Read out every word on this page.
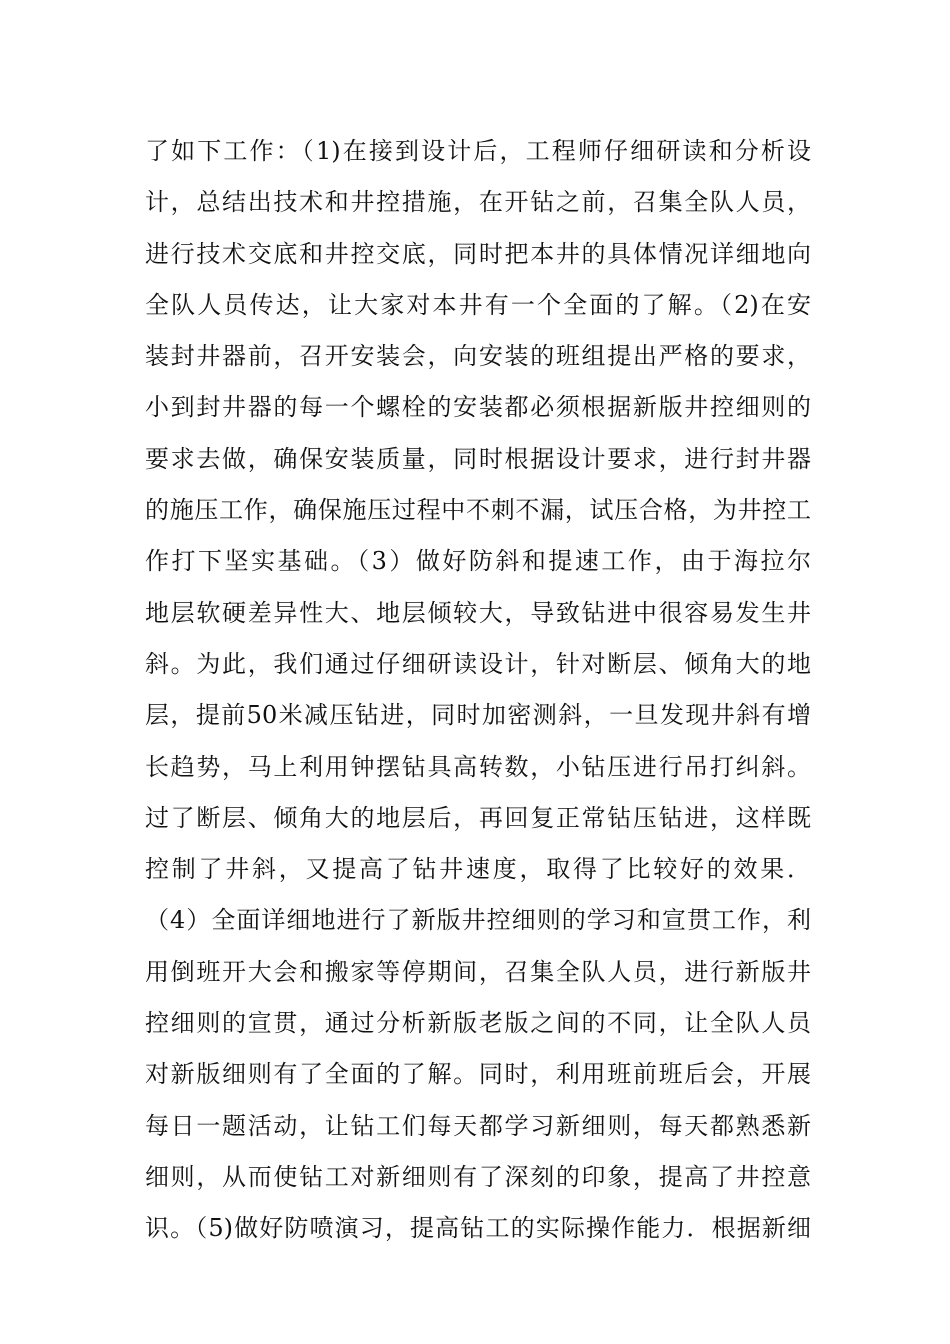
了如下工作：（1)在接到设计后，工程师仔细研读和分析设
计，总结出技术和井控措施，在开钻之前，召集全队人员，
进行技术交底和井控交底，同时把本井的具体情况详细地向
全队人员传达，让大家对本井有一个全面的了解。（2)在安
装封井器前，召开安装会，向安装的班组提出严格的要求，
小到封井器的每一个螺栓的安装都必须根据新版井控细则的
要求去做，确保安装质量，同时根据设计要求，进行封井器
的施压工作，确保施压过程中不刺不漏，试压合格，为井控工
作打下坚实基础。（3）做好防斜和提速工作，由于海拉尔
地层软硬差异性大、地层倾较大，导致钻进中很容易发生井
斜。为此，我们通过仔细研读设计，针对断层、倾角大的地
层，提前50米减压钻进，同时加密测斜，一旦发现井斜有增
长趋势，马上利用钟摆钻具高转数，小钻压进行吊打纠斜。
过了断层、倾角大的地层后，再回复正常钻压钻进，这样既
控制了井斜，又提高了钻井速度，取得了比较好的效果．
（4）全面详细地进行了新版井控细则的学习和宣贯工作，利
用倒班开大会和搬家等停期间，召集全队人员，进行新版井
控细则的宣贯，通过分析新版老版之间的不同，让全队人员
对新版细则有了全面的了解。同时，利用班前班后会，开展
每日一题活动，让钻工们每天都学习新细则，每天都熟悉新
细则，从而使钻工对新细则有了深刻的印象，提高了井控意
识。（5)做好防喷演习，提高钻工的实际操作能力．根据新细
